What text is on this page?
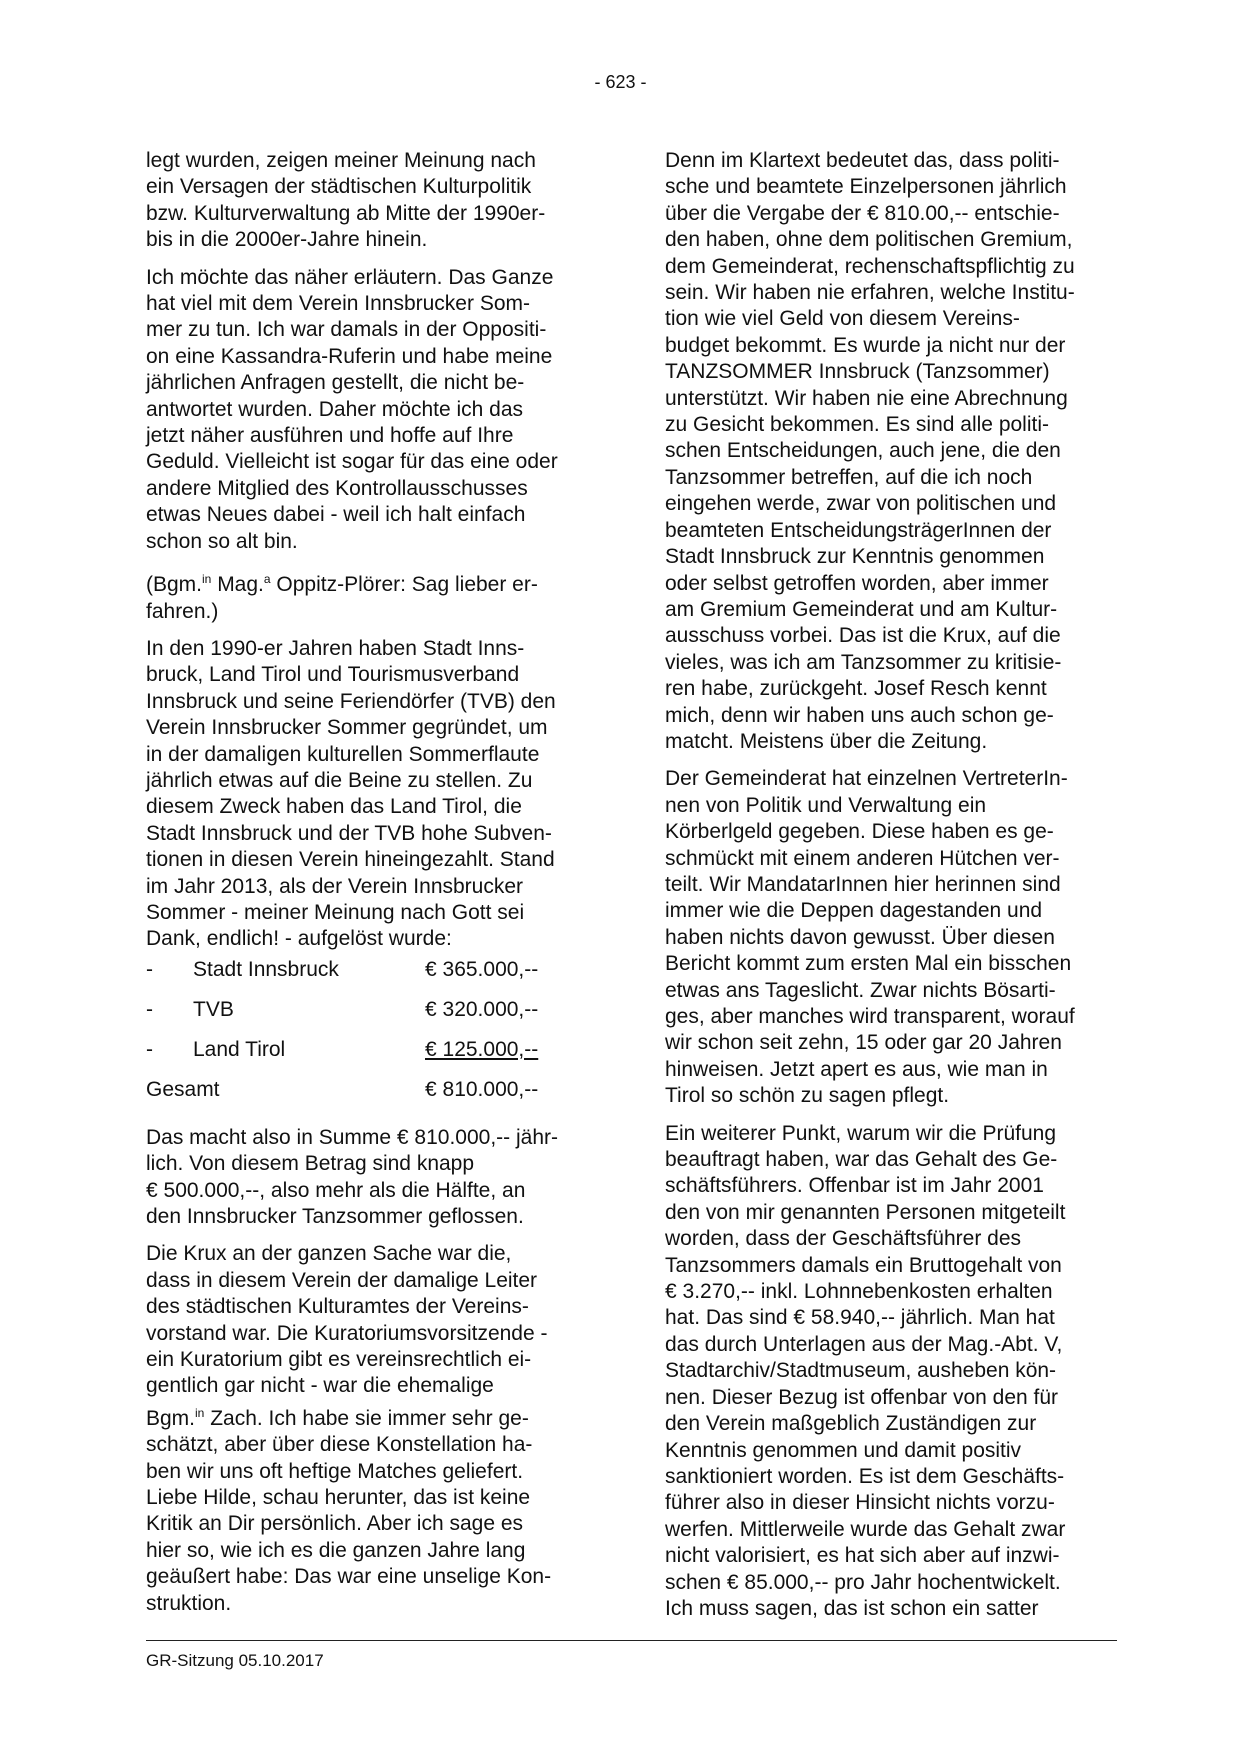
- 623 -

legt wurden, zeigen meiner Meinung nach
ein Versagen der städtischen Kulturpolitik
bzw. Kulturverwaltung ab Mitte der 1990er-
bis in die 2000er-Jahre hinein.

Ich möchte das näher erläutern. Das Ganze
hat viel mit dem Verein Innsbrucker Som-
mer zu tun. Ich war damals in der Oppositi-
on eine Kassandra-Ruferin und habe meine
jährlichen Anfragen gestellt, die nicht be-
antwortet wurden. Daher möchte ich das
jetzt näher ausführen und hoffe auf Ihre
Geduld. Vielleicht ist sogar für das eine oder
andere Mitglied des Kontrollausschusses
etwas Neues dabei - weil ich halt einfach
schon so alt bin.

(Bgm.$^{in}$ Mag.$^a$ Oppitz-Plörer: Sag lieber er-
fahren.)

In den 1990-er Jahren haben Stadt Inns-
bruck, Land Tirol und Tourismusverband
Innsbruck und seine Feriendörfer (TVB) den
Verein Innsbrucker Sommer gegründet, um
in der damaligen kulturellen Sommerflaute
jährlich etwas auf die Beine zu stellen. Zu
diesem Zweck haben das Land Tirol, die
Stadt Innsbruck und der TVB hohe Subven-
tionen in diesen Verein hineingezahlt. Stand
im Jahr 2013, als der Verein Innsbrucker
Sommer - meiner Meinung nach Gott sei
Dank, endlich! - aufgelöst wurde:

- Stadt Innsbruck	€ 365.000,--
- TVB	€ 320.000,--
- Land Tirol	€ 125.000,--
Gesamt	€ 810.000,--

Das macht also in Summe € 810.000,-- jähr-
lich. Von diesem Betrag sind knapp
€ 500.000,--, also mehr als die Hälfte, an
den Innsbrucker Tanzsommer geflossen.

Die Krux an der ganzen Sache war die,
dass in diesem Verein der damalige Leiter
des städtischen Kulturamtes der Vereins-
vorstand war. Die Kuratoriumsvorsitzende -
ein Kuratorium gibt es vereinsrechtlich ei-
gentlich gar nicht - war die ehemalige
Bgm.$^{in}$ Zach. Ich habe sie immer sehr ge-
schätzt, aber über diese Konstellation ha-
ben wir uns oft heftige Matches geliefert.
Liebe Hilde, schau herunter, das ist keine
Kritik an Dir persönlich. Aber ich sage es
hier so, wie ich es die ganzen Jahre lang
geäußert habe: Das war eine unselige Kon-
struktion.

Denn im Klartext bedeutet das, dass politi-
sche und beamtete Einzelpersonen jährlich
über die Vergabe der € 810.00,-- entschie-
den haben, ohne dem politischen Gremium,
dem Gemeinderat, rechenschaftspflichtig zu
sein. Wir haben nie erfahren, welche Institu-
tion wie viel Geld von diesem Vereins-
budget bekommt. Es wurde ja nicht nur der
TANZSOMMER Innsbruck (Tanzsommer)
unterstützt. Wir haben nie eine Abrechnung
zu Gesicht bekommen. Es sind alle politi-
schen Entscheidungen, auch jene, die den
Tanzsommer betreffen, auf die ich noch
eingehen werde, zwar von politischen und
beamteten EntscheidungsträgerInnen der
Stadt Innsbruck zur Kenntnis genommen
oder selbst getroffen worden, aber immer
am Gremium Gemeinderat und am Kultur-
ausschuss vorbei. Das ist die Krux, auf die
vieles, was ich am Tanzsommer zu kritisie-
ren habe, zurückgeht. Josef Resch kennt
mich, denn wir haben uns auch schon ge-
matcht. Meistens über die Zeitung.

Der Gemeinderat hat einzelnen VertreterIn-
nen von Politik und Verwaltung ein
Körberlgeld gegeben. Diese haben es ge-
schmückt mit einem anderen Hütchen ver-
teilt. Wir MandatarInnen hier herinnen sind
immer wie die Deppen dagestanden und
haben nichts davon gewusst. Über diesen
Bericht kommt zum ersten Mal ein bisschen
etwas ans Tageslicht. Zwar nichts Bösarti-
ges, aber manches wird transparent, worauf
wir schon seit zehn, 15 oder gar 20 Jahren
hinweisen. Jetzt apert es aus, wie man in
Tirol so schön zu sagen pflegt.

Ein weiterer Punkt, warum wir die Prüfung
beauftragt haben, war das Gehalt des Ge-
schäftsführers. Offenbar ist im Jahr 2001
den von mir genannten Personen mitgeteilt
worden, dass der Geschäftsführer des
Tanzsommers damals ein Bruttogehalt von
€ 3.270,-- inkl. Lohnnebenkosten erhalten
hat. Das sind € 58.940,-- jährlich. Man hat
das durch Unterlagen aus der Mag.-Abt. V,
Stadtarchiv/Stadtmuseum, ausheben kön-
nen. Dieser Bezug ist offenbar von den für
den Verein maßgeblich Zuständigen zur
Kenntnis genommen und damit positiv
sanktioniert worden. Es ist dem Geschäfts-
führer also in dieser Hinsicht nichts vorzu-
werfen. Mittlerweile wurde das Gehalt zwar
nicht valorisiert, es hat sich aber auf inzwi-
schen € 85.000,-- pro Jahr hochentwickelt.
Ich muss sagen, das ist schon ein satter

GR-Sitzung 05.10.2017
